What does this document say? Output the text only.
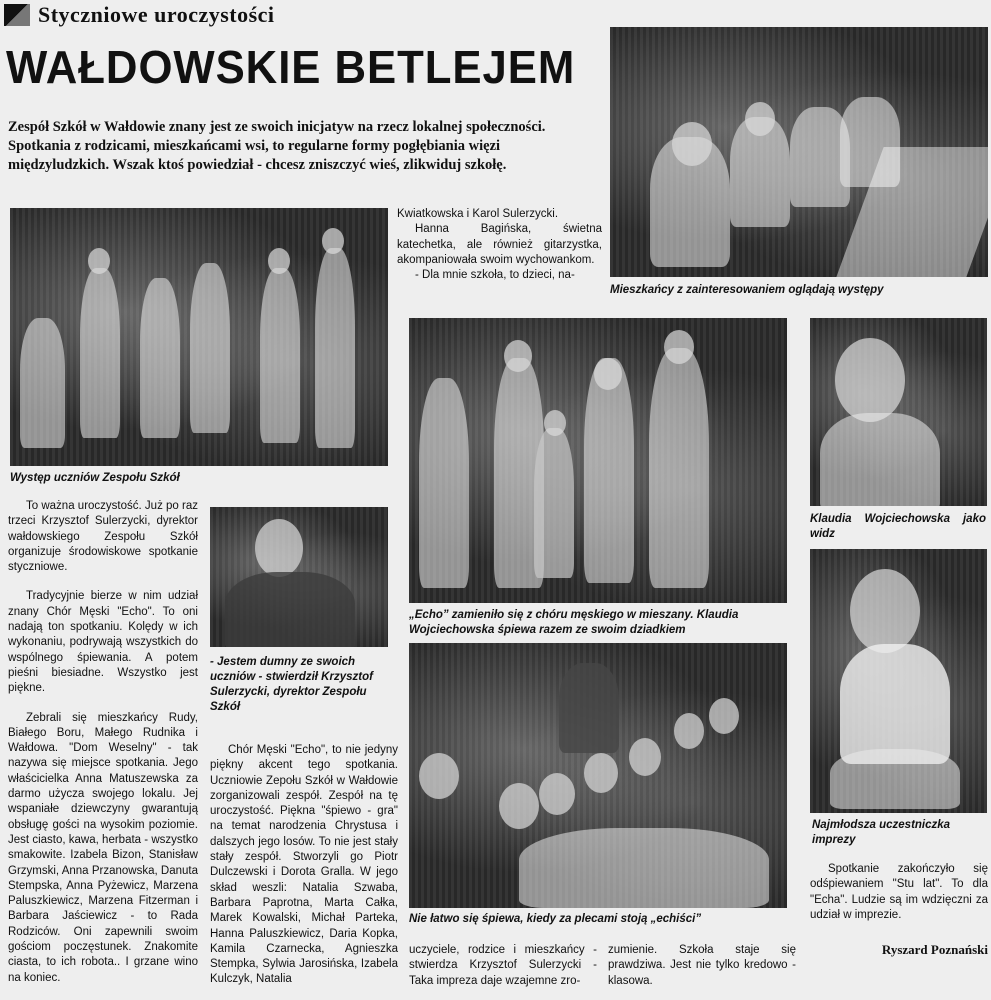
Styczniowe uroczystości
WAŁDOWSKIE BETLEJEM
Zespół Szkół w Wałdowie znany jest ze swoich inicjatyw na rzecz lokalnej społeczności. Spotkania z rodzicami, mieszkańcami wsi, to regularne formy pogłębiania więzi międzyludzkich. Wszak ktoś powiedział - chcesz zniszczyć wieś, zlikwiduj szkołę.
Występ uczniów Zespołu Szkół

Kwiatkowska i Karol Sulerzycki.

Hanna Bagińska, świetna katechetka, ale również gitarzystka, akompaniowała swoim wychowankom.

- Dla mnie szkoła, to dzieci, na-

Mieszkańcy z zainteresowaniem oglądają występy
„Echo” zamieniło się z chóru męskiego w mieszany. Klaudia Wojciechowska śpiewa razem ze swoim dziadkiem
Klaudia Wojciechowska jako widz
- Jestem dumny ze swoich uczniów - stwierdził Krzysztof Sulerzycki, dyrektor Zespołu Szkół
Najmłodsza uczestniczka imprezy
Nie łatwo się śpiewa, kiedy za plecami stoją „echiści”

To ważna uroczystość. Już po raz trzeci Krzysztof Sulerzycki, dyrektor wałdowskiego Zespołu Szkół organizuje środowiskowe spotkanie styczniowe.

Tradycyjnie bierze w nim udział znany Chór Męski "Echo". To oni nadają ton spotkaniu. Kolędy w ich wykonaniu, podrywają wszystkich do wspólnego śpiewania. A potem pieśni biesiadne. Wszystko jest piękne.

Zebrali się mieszkańcy Rudy, Białego Boru, Małego Rudnika i Wałdowa. "Dom Weselny" - tak nazywa się miejsce spotkania. Jego właścicielka Anna Matuszewska za darmo użycza swojego lokalu. Jej wspaniałe dziewczyny gwarantują obsługę gości na wysokim poziomie. Jest ciasto, kawa, herbata - wszystko smakowite. Izabela Bizon, Stanisław Grzymski, Anna Przanowska, Danuta Stempska, Anna Pyżewicz, Marzena Paluszkiewicz, Marzena Fitzerman i Barbara Jaściewicz - to Rada Rodziców. Oni zapewnili swoim gościom poczęstunek. Znakomite ciasta, to ich robota.. I grzane wino na koniec.

Chór Męski "Echo", to nie jedyny piękny akcent tego spotkania. Uczniowie Zepołu Szkół w Wałdowie zorganizowali zespół. Zespół na tę uroczystość. Piękna "śpiewo - gra" na temat narodzenia Chrystusa i dalszych jego losów. To nie jest stały stały zespół. Stworzyli go Piotr Dulczewski i Dorota Gralla. W jego skład weszli: Natalia Szwaba, Barbara Paprotna, Marta Całka, Marek Kowalski, Michał Parteka, Hanna Paluszkiewicz, Daria Kopka, Kamila Czarnecka, Agnieszka Stempka, Sylwia Jarosińska, Izabela Kulczyk, Natalia

uczyciele, rodzice i mieszkańcy - stwierdza Krzysztof Sulerzycki - Taka impreza daje wzajemne zro-

zumienie. Szkoła staje się prawdziwa. Jest nie tylko kredowo - klasowa.

Spotkanie zakończyło się odśpiewaniem "Stu lat". To dla "Echa". Ludzie są im wdzięczni za udział w imprezie.

Ryszard Poznański
